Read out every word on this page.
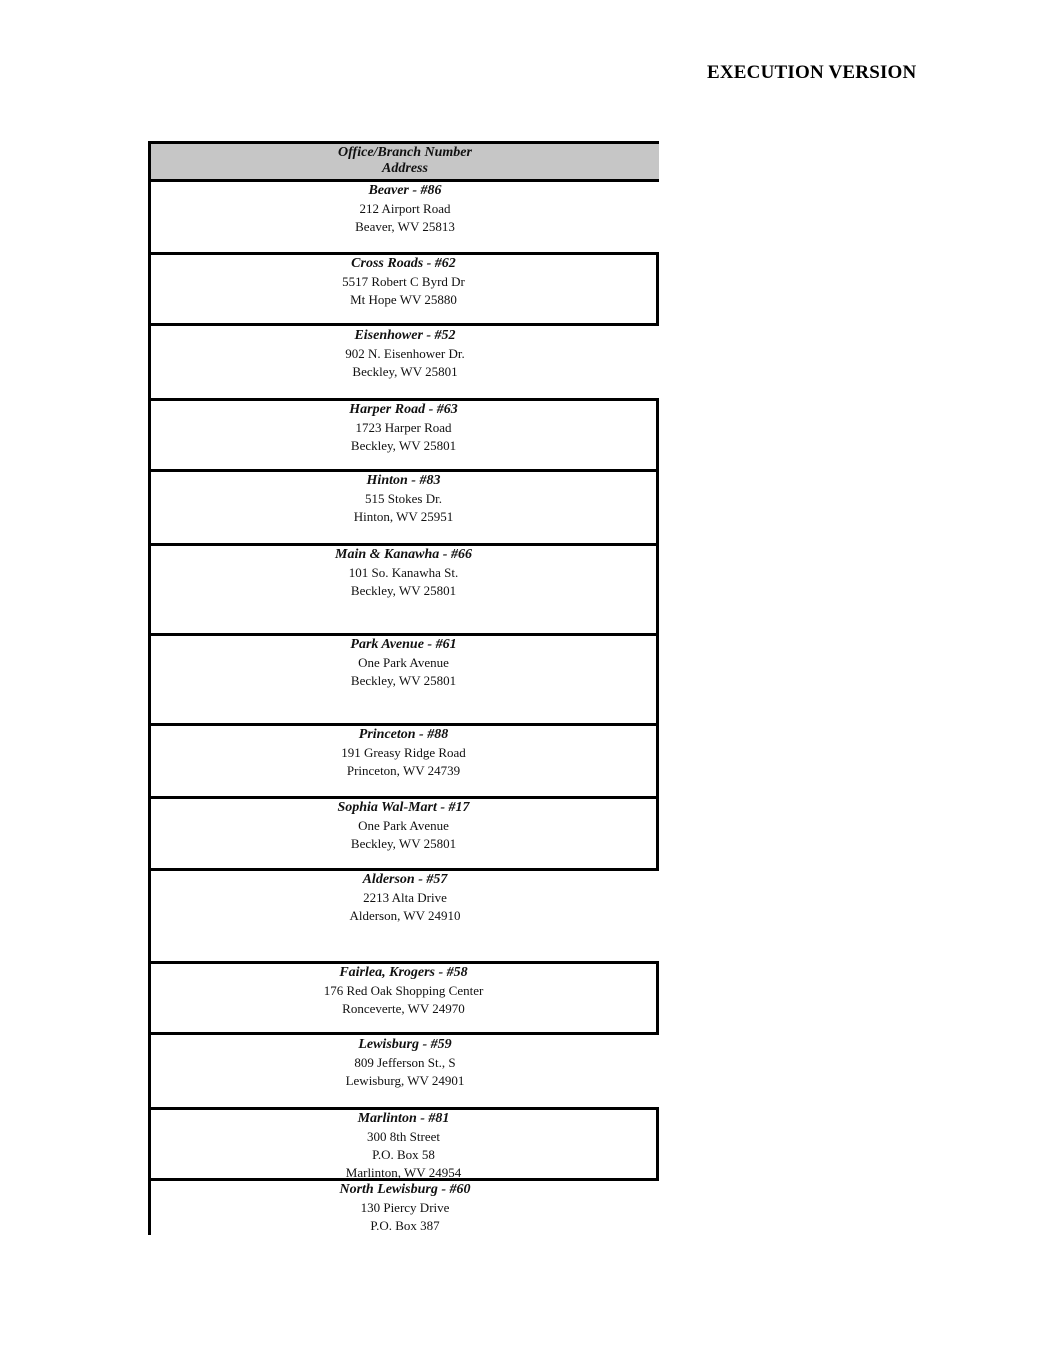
EXECUTION VERSION
Office/Branch Number
Address
Beaver - #86
212 Airport Road
Beaver, WV 25813
Cross Roads - #62
5517 Robert C Byrd Dr
Mt Hope WV 25880
Eisenhower - #52
902 N. Eisenhower Dr.
Beckley, WV 25801
Harper Road - #63
1723 Harper Road
Beckley, WV 25801
Hinton - #83
515 Stokes Dr.
Hinton, WV 25951
Main & Kanawha - #66
101 So. Kanawha St.
Beckley, WV 25801
Park Avenue - #61
One Park Avenue
Beckley, WV 25801
Princeton - #88
191 Greasy Ridge Road
Princeton, WV 24739
Sophia Wal-Mart - #17
One Park Avenue
Beckley, WV 25801
Alderson - #57
2213 Alta Drive
Alderson, WV 24910
Fairlea, Krogers - #58
176 Red Oak Shopping Center
Ronceverte, WV 24970
Lewisburg - #59
809 Jefferson St., S
Lewisburg, WV 24901
Marlinton - #81
300 8th Street
P.O. Box 58
Marlinton, WV 24954
North Lewisburg - #60
130 Piercy Drive
P.O. Box 387
